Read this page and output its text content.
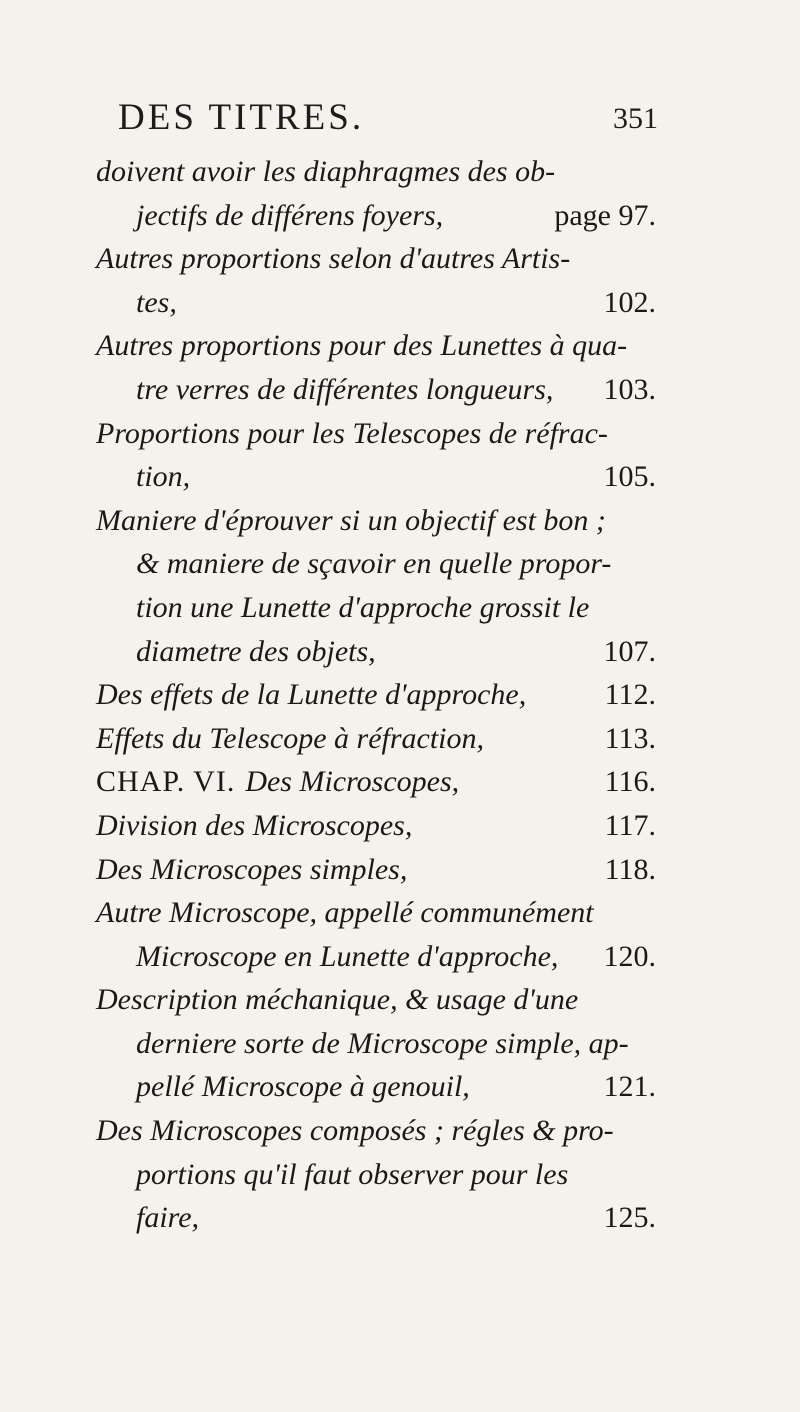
DES TITRES.	351
doivent avoir les diaphragmes des ob-
jectifs de différens foyers,	page 97.
Autres proportions selon d'autres Artis-
tes,	102.
Autres proportions pour des Lunettes à qua-
tre verres de différentes longueurs, 103.
Proportions pour les Telescopes de réfrac-
tion,	105.
Maniere d'éprouver si un objectif est bon ;
& maniere de sçavoir en quelle propor-
tion une Lunette d'approche grossit le
diametre des objets,	107.
Des effets de la Lunette d'approche,	112.
Effets du Telescope à réfraction,	113.
CHAP. VI. Des Microscopes,	116.
Division des Microscopes,	117.
Des Microscopes simples,	118.
Autre Microscope, appellé communément
Microscope en Lunette d'approche, 120.
Description méchanique, & usage d'une
derniere sorte de Microscope simple, ap-
pellé Microscope à genouil,	121.
Des Microscopes composés ; régles & pro-
portions qu'il faut observer pour les
faire,	125.
